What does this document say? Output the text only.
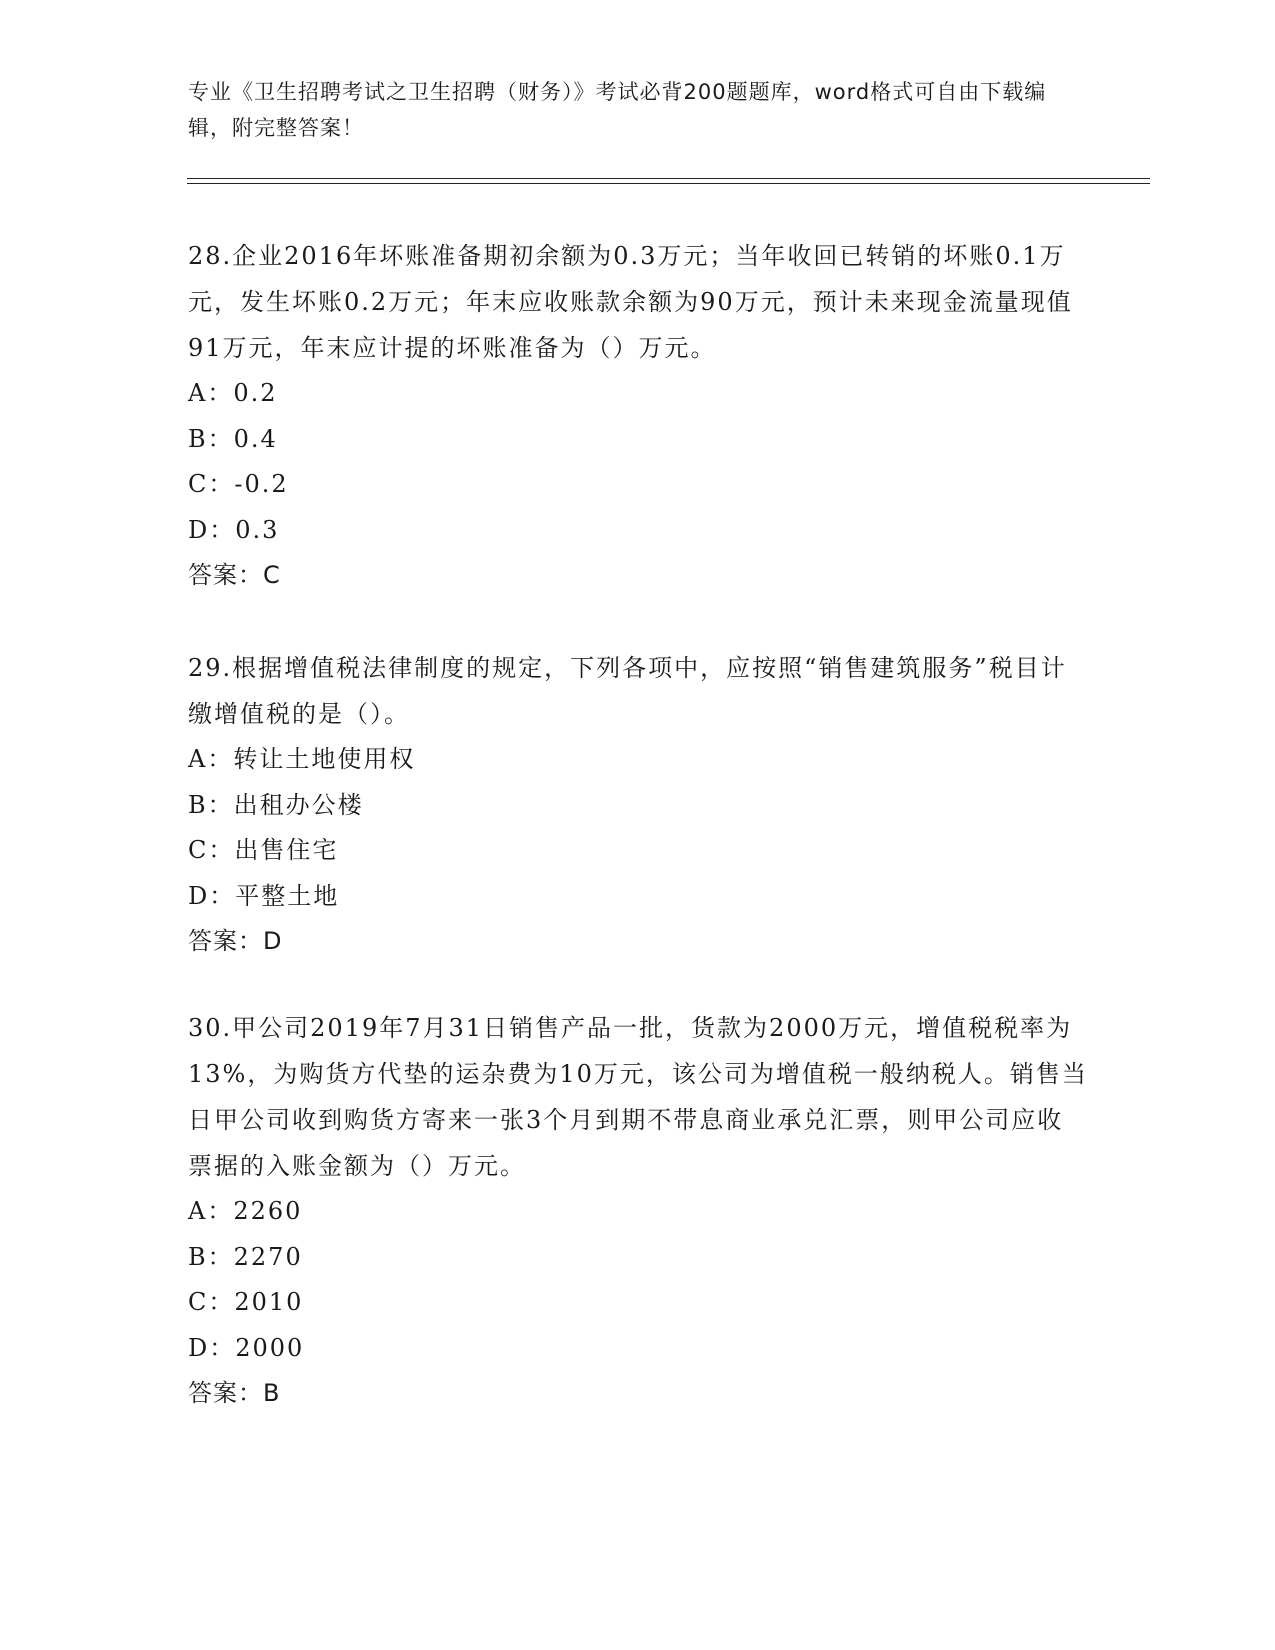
专业《卫生招聘考试之卫生招聘（财务）》考试必背200题题库，word格式可自由下载编辑，附完整答案！

28.企业2016年坏账准备期初余额为0.3万元；当年收回已转销的坏账0.1万元，发生坏账0.2万元；年末应收账款余额为90万元，预计未来现金流量现值91万元，年末应计提的坏账准备为（）万元。

A：0.2
B：0.4
C：-0.2
D：0.3
答案：C

29.根据增值税法律制度的规定，下列各项中，应按照“销售建筑服务”税目计缴增值税的是（）。

A：转让土地使用权
B：出租办公楼
C：出售住宅
D：平整土地
答案：D

30.甲公司2019年7月31日销售产品一批，货款为2000万元，增值税税率为13%，为购货方代垫的运杂费为10万元，该公司为增值税一般纳税人。销售当日甲公司收到购货方寄来一张3个月到期不带息商业承兑汇票，则甲公司应收票据的入账金额为（）万元。

A：2260
B：2270
C：2010
D：2000
答案：B
